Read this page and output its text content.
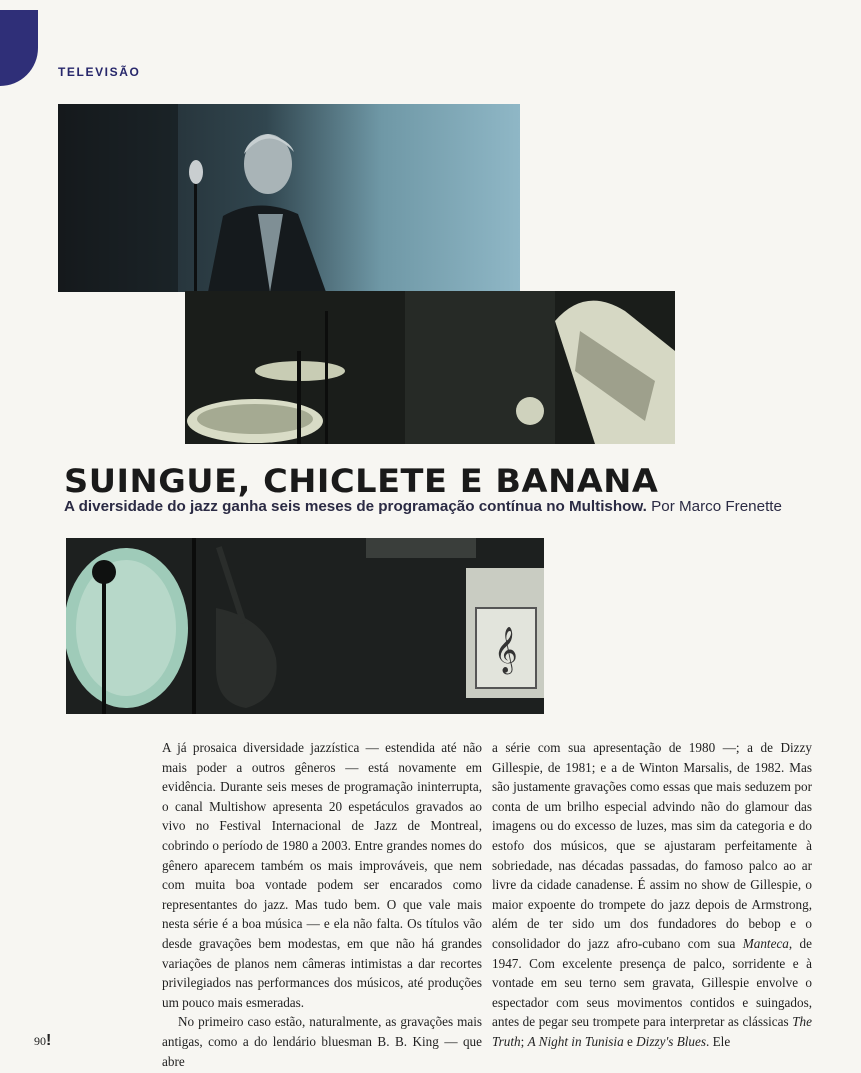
TELEVISÃO
SUINGUE, CHICLETE E BANANA

A diversidade do jazz ganha seis meses de programação contínua no Multishow. Por Marco Frenette

𝄞

A já prosaica diversidade jazzística — estendida até não mais poder a outros gêneros — está novamente em evidência. Durante seis meses de programação ininterrupta, o canal Multishow apresenta 20 espetáculos gravados ao vivo no Festival Internacional de Jazz de Montreal, cobrindo o período de 1980 a 2003. Entre grandes nomes do gênero aparecem também os mais improváveis, que nem com muita boa vontade podem ser encarados como representantes do jazz. Mas tudo bem. O que vale mais nesta série é a boa música — e ela não falta. Os títulos vão desde gravações bem modestas, em que não há grandes variações de planos nem câmeras intimistas a dar recortes privilegiados nas performances dos músicos, até produções um pouco mais esmeradas.

No primeiro caso estão, naturalmente, as gravações mais antigas, como a do lendário bluesman B. B. King — que abre

a série com sua apresentação de 1980 —; a de Dizzy Gillespie, de 1981; e a de Winton Marsalis, de 1982. Mas são justamente gravações como essas que mais seduzem por conta de um brilho especial advindo não do glamour das imagens ou do excesso de luzes, mas sim da categoria e do estofo dos músicos, que se ajustaram perfeitamente à sobriedade, nas décadas passadas, do famoso palco ao ar livre da cidade canadense. É assim no show de Gillespie, o maior expoente do trompete do jazz depois de Armstrong, além de ter sido um dos fundadores do bebop e o consolidador do jazz afro-cubano com sua Manteca, de 1947. Com excelente presença de palco, sorridente e à vontade em seu terno sem gravata, Gillespie envolve o espectador com seus movimentos contidos e suingados, antes de pegar seu trompete para interpretar as clássicas The Truth; A Night in Tunisia e Dizzy's Blues. Ele

90!
